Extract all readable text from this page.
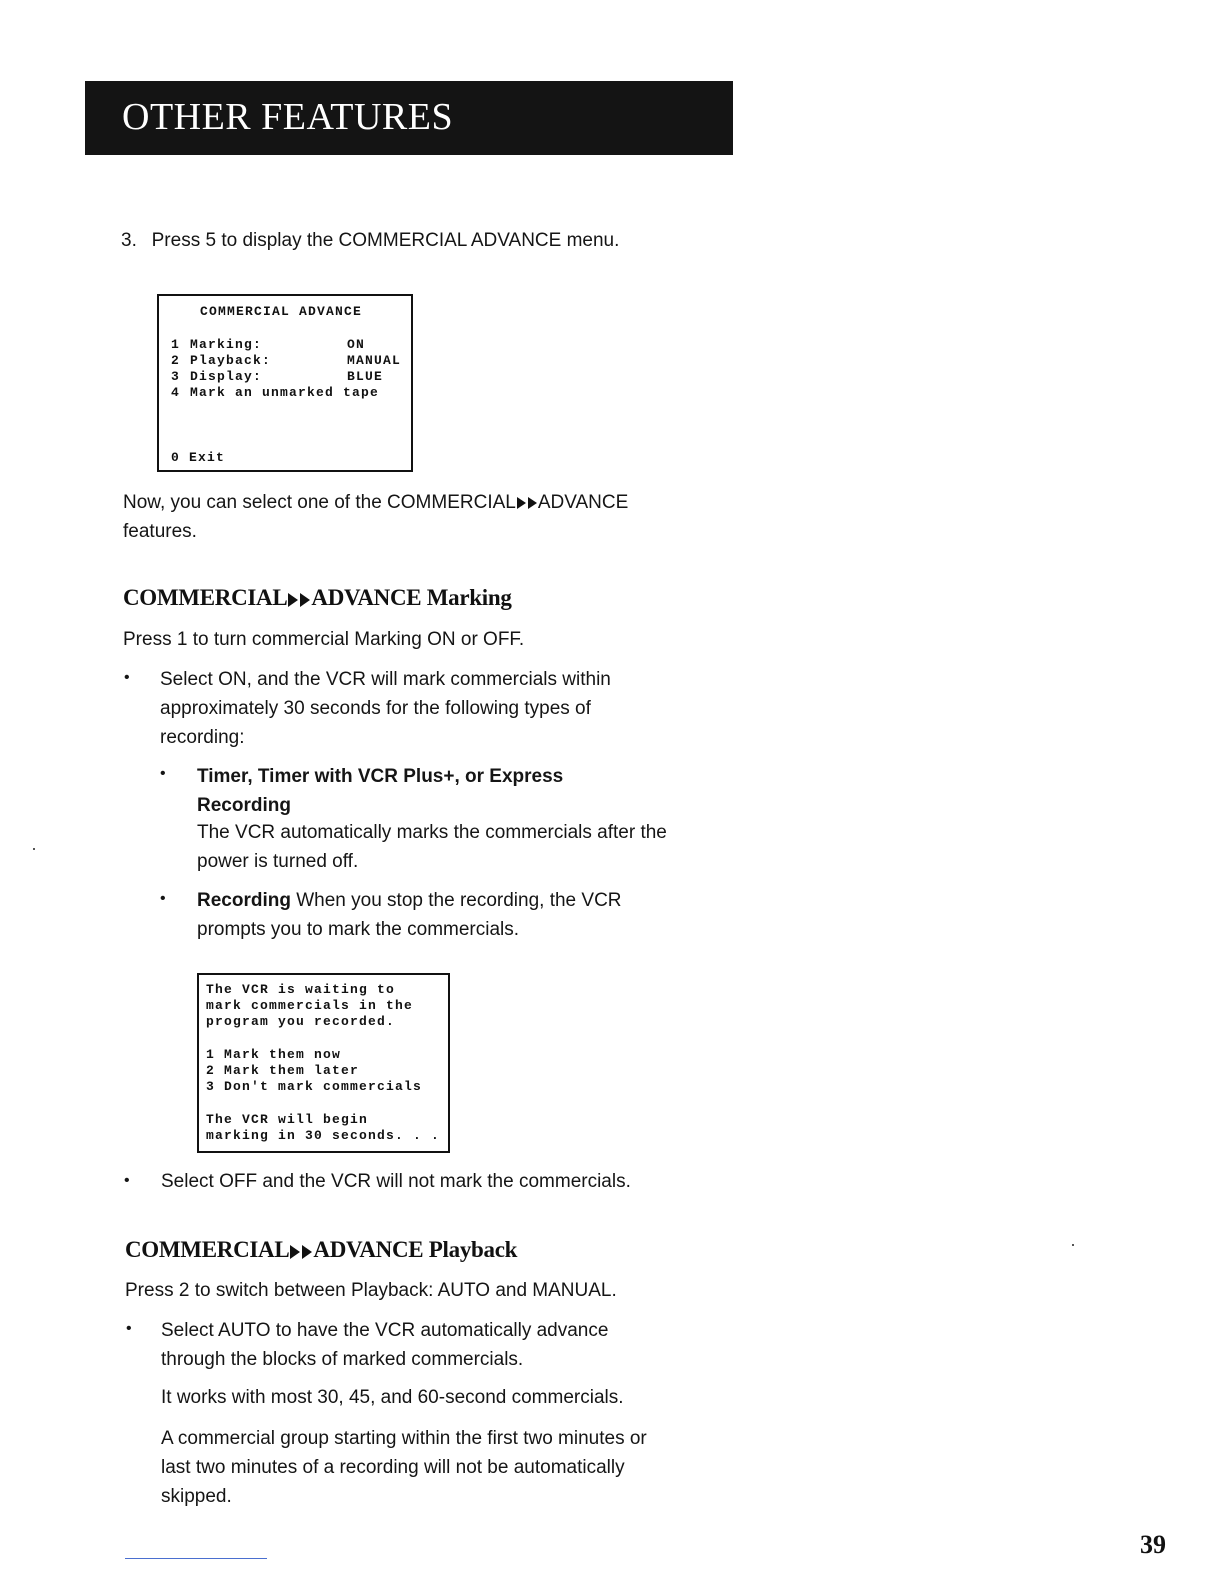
OTHER FEATURES
3.  Press 5 to display the COMMERCIAL ADVANCE menu.
COMMERCIAL ADVANCE
1 Marking:	ON
2 Playback:	MANUAL
3 Display:	BLUE
4 Mark an unmarked tape
0 Exit
Now, you can select one of the COMMERCIAL ADVANCE
features.
COMMERCIAL ADVANCE Marking
Press 1 to turn commercial Marking ON or OFF.
• Select ON, and the VCR will mark commercials within
approximately 30 seconds for the following types of
recording:
• Timer, Timer with VCR Plus+, or Express
Recording
The VCR automatically marks the commercials after the
power is turned off.
• Recording When you stop the recording, the VCR
prompts you to mark the commercials.
The VCR is waiting to
mark commercials in the
program you recorded.
1 Mark them now
2 Mark them later
3 Don't mark commercials
The VCR will begin
marking in 30 seconds. . .
• Select OFF and the VCR will not mark the commercials.
COMMERCIAL ADVANCE Playback
Press 2 to switch between Playback: AUTO and MANUAL.
• Select AUTO to have the VCR automatically advance
through the blocks of marked commercials.
It works with most 30, 45, and 60-second commercials.
A commercial group starting within the first two minutes or
last two minutes of a recording will not be automatically
skipped.
39
